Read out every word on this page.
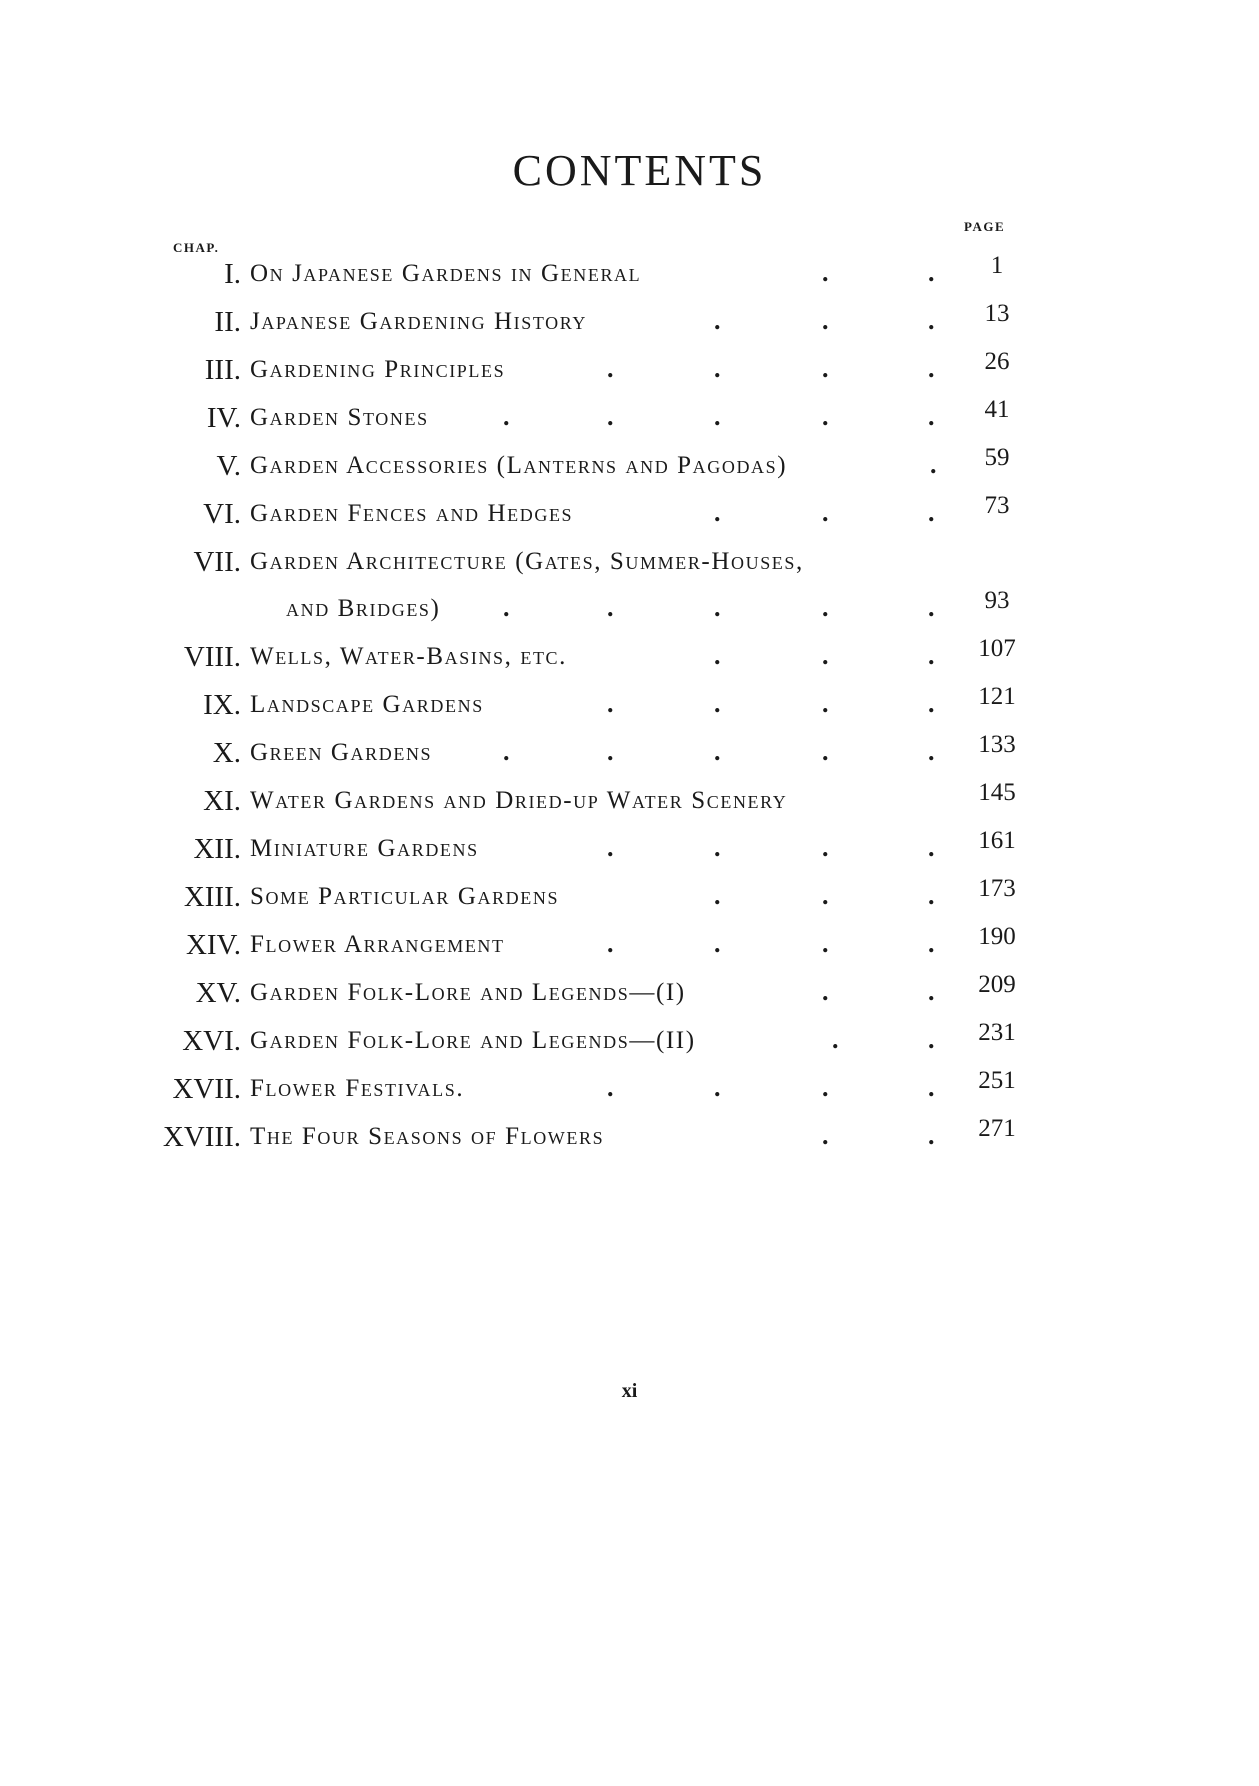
CONTENTS
CHAP.
PAGE
I. On Japanese Gardens in General	.	.	1
II. Japanese Gardening History	.	.	.	13
III. Gardening Principles	.	.	.	.	26
IV. Garden Stones	.	.	.	.	.	41
V. Garden Accessories (Lanterns and Pagodas)	.	59
VI. Garden Fences and Hedges	.	.	.	73
VII. Garden Architecture (Gates, Summer-Houses,
and Bridges) .	.	.	.	.	93
VIII. Wells, Water-Basins, etc.	.	.	.	107
IX. Landscape Gardens	.	.	.	.	121
X. Green Gardens	.	.	.	.	.	133
XI. Water Gardens and Dried-up Water Scenery	145
XII. Miniature Gardens	.	.	.	.	161
XIII. Some Particular Gardens	.	.	.	173
XIV. Flower Arrangement	.	.	.	.	190
XV. Garden Folk-Lore and Legends—(I)	.	.	209
XVI. Garden Folk-Lore and Legends—(II)	.	.	231
XVII. Flower Festivals.	.	.	.	.	251
XVIII. The Four Seasons of Flowers	.	.	271
xi
